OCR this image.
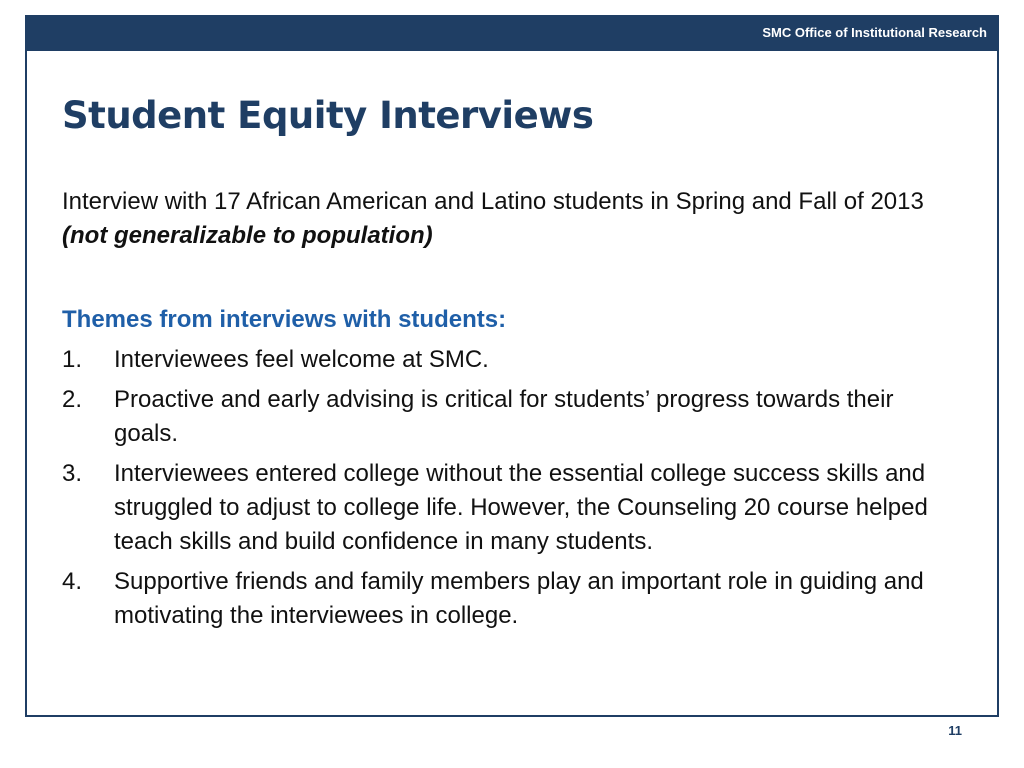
SMC Office of Institutional Research
Student Equity Interviews

Interview with 17 African American and Latino students in Spring and Fall of 2013 (not generalizable to population)

Themes from interviews with students:

1. Interviewees feel welcome at SMC.
2. Proactive and early advising is critical for students’ progress towards their goals.
3. Interviewees entered college without the essential college success skills and struggled to adjust to college life. However, the Counseling 20 course helped teach skills and build confidence in many students.
4. Supportive friends and family members play an important role in guiding and motivating the interviewees in college.
11
